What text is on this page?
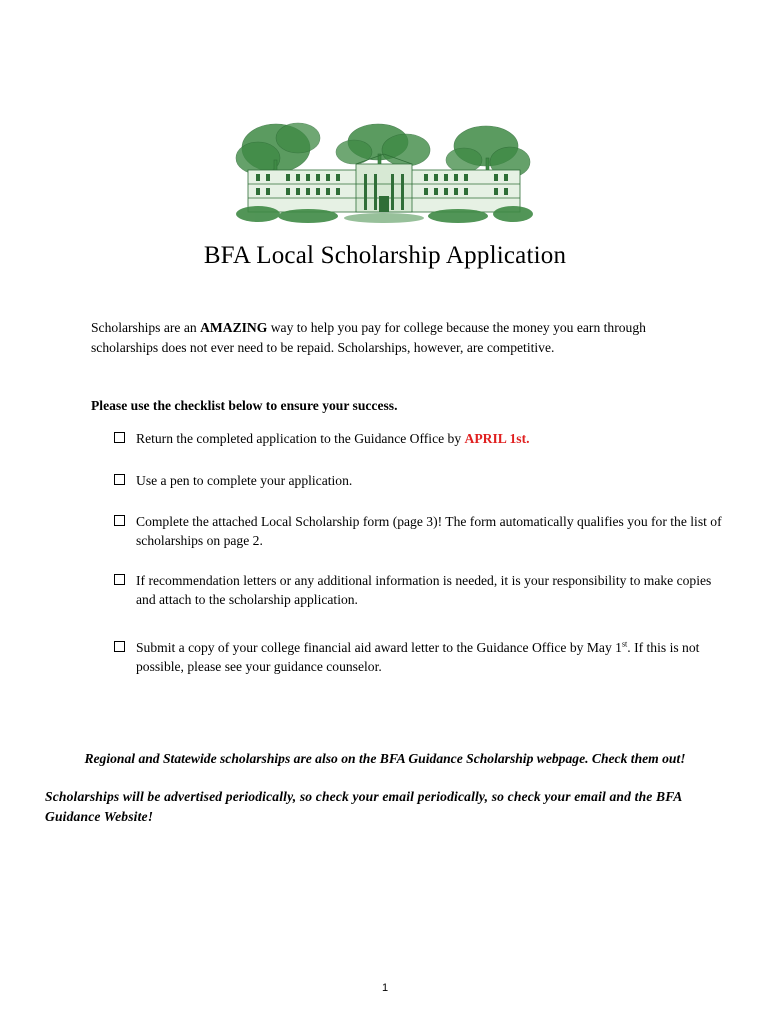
BFA Local Scholarship Application
Scholarships are an AMAZING way to help you pay for college because the money you earn through scholarships does not ever need to be repaid. Scholarships, however, are competitive.
Please use the checklist below to ensure your success.
Return the completed application to the Guidance Office by APRIL 1st.
Use a pen to complete your application.
Complete the attached Local Scholarship form (page 3)! The form automatically qualifies you for the list of scholarships on page 2.
If recommendation letters or any additional information is needed, it is your responsibility to make copies and attach to the scholarship application.
Submit a copy of your college financial aid award letter to the Guidance Office by May 1st. If this is not possible, please see your guidance counselor.
Regional and Statewide scholarships are also on the BFA Guidance Scholarship webpage. Check them out!
Scholarships will be advertised periodically, so check your email periodically, so check your email and the BFA Guidance Website!
1
